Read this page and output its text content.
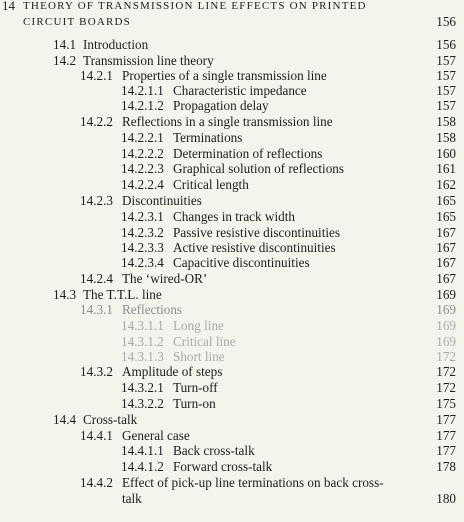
14 THEORY OF TRANSMISSION LINE EFFECTS ON PRINTED
CIRCUIT BOARDS	156
14.1 Introduction	156
14.2 Transmission line theory	157
14.2.1 Properties of a single transmission line	157
14.2.1.1 Characteristic impedance	157
14.2.1.2 Propagation delay	157
14.2.2 Reflections in a single transmission line	158
14.2.2.1 Terminations	158
14.2.2.2 Determination of reflections	160
14.2.2.3 Graphical solution of reflections	161
14.2.2.4 Critical length	162
14.2.3 Discontinuities	165
14.2.3.1 Changes in track width	165
14.2.3.2 Passive resistive discontinuities	167
14.2.3.3 Active resistive discontinuities	167
14.2.3.4 Capacitive discontinuities	167
14.2.4 The ‘wired-OR’	167
14.3 The T.T.L. line	169
14.3.1 Reflections	169
14.3.1.1 Long line	169
14.3.1.2 Critical line	169
14.3.1.3 Short line	172
14.3.2 Amplitude of steps	172
14.3.2.1 Turn-off	172
14.3.2.2 Turn-on	175
14.4 Cross-talk	177
14.4.1 General case	177
14.4.1.1 Back cross-talk	177
14.4.1.2 Forward cross-talk	178
14.4.2 Effect of pick-up line terminations on back cross-
talk	180
